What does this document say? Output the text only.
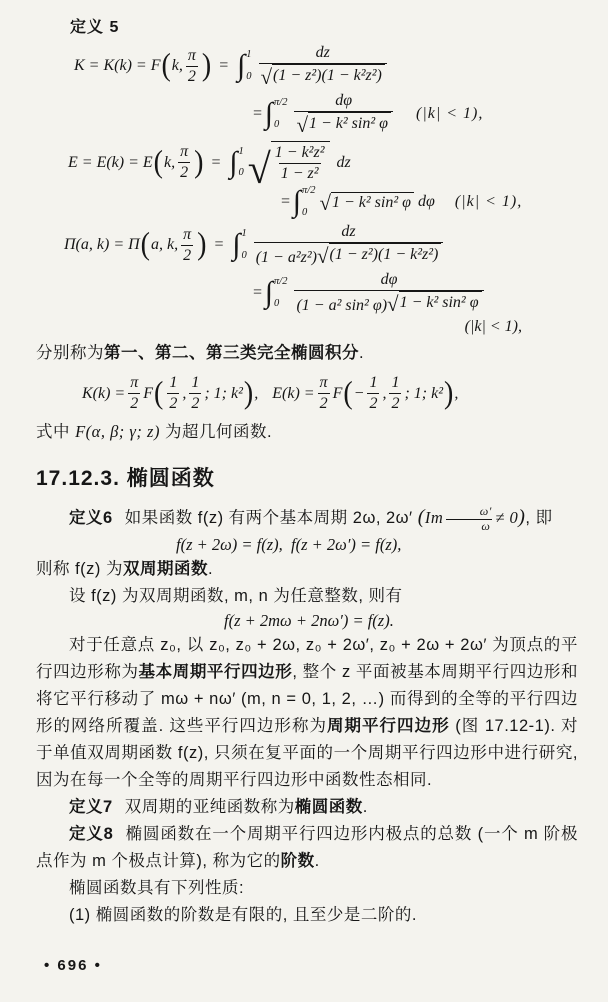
定义 5
K = K(k) = F ( k, $\frac{\pi}{2}$ ) = ∫ 1
$0 \frac{dz}{\text{√ (1 − z²)(1 − k²z²)}}$
= ∫ π/2
$0 \frac{d\varphi}{\text{√ 1 − k² sin² φ}} (|k| < 1)$,
E = E(k) = E ( k, $\frac{\pi}{2}$ ) = ∫ 1
0 √ $\frac{\text{1 − k²z²}}{\text{1 − z²}}$ dz
= ∫ π/2
0 √ 1 − k² sin² φ dφ (|k| < 1),
Π(a, k) = Π ( a, k, $\frac{\pi}{2}$ ) = ∫ 1
$0 \frac{dz}{\text{(1 − a²z²) √ (1 − z²)(1 − k²z²)}}$
= ∫ π/2
$0 \frac{d\varphi}{\text{(1 − a² sin² φ) √ 1 − k² sin² φ}}$
(|k| < 1),

分别称为第一、第二、第三类完全椭圆积分.

$K(k) = \frac{\pi}{2}$ F ( $\frac{1}{2}$ , $\frac{1}{2}$ ; 1; k² ) , $E(k) = \frac{\pi}{2}$ F ( − $\frac{1}{2}$ , $\frac{1}{2}$ ; 1; k² ) ,

式中 F(α, β; γ; z) 为超几何函数.

17.12.3. 椭圆函数

定义6 如果函数 f(z) 有两个基本周期 2ω, 2ω′ $(Im \frac{\omega'}{\omega} \ne 0)$, 即

f(z + 2ω) = f(z),  f(z + 2ω′) = f(z),

则称 f(z) 为双周期函数.

设 f(z) 为双周期函数, m, n 为任意整数, 则有

f(z + 2mω + 2nω′) = f(z).

对于任意点 z₀, 以 z₀, z₀ + 2ω, z₀ + 2ω′, z₀ + 2ω + 2ω′ 为顶点的平行四边形称为基本周期平行四边形, 整个 z 平面被基本周期平行四边形和将它平行移动了 mω + nω′ (m, n = 0, 1, 2, …) 而得到的全等的平行四边形的网络所覆盖. 这些平行四边形称为周期平行四边形 (图 17.12-1). 对于单值双周期函数 f(z), 只须在复平面的一个周期平行四边形中进行研究, 因为在每一个全等的周期平行四边形中函数性态相同.

定义7 双周期的亚纯函数称为椭圆函数.

定义8 椭圆函数在一个周期平行四边形内极点的总数 (一个 m 阶极点作为 m 个极点计算), 称为它的阶数.

椭圆函数具有下列性质:

(1) 椭圆函数的阶数是有限的, 且至少是二阶的.

• 696 •
